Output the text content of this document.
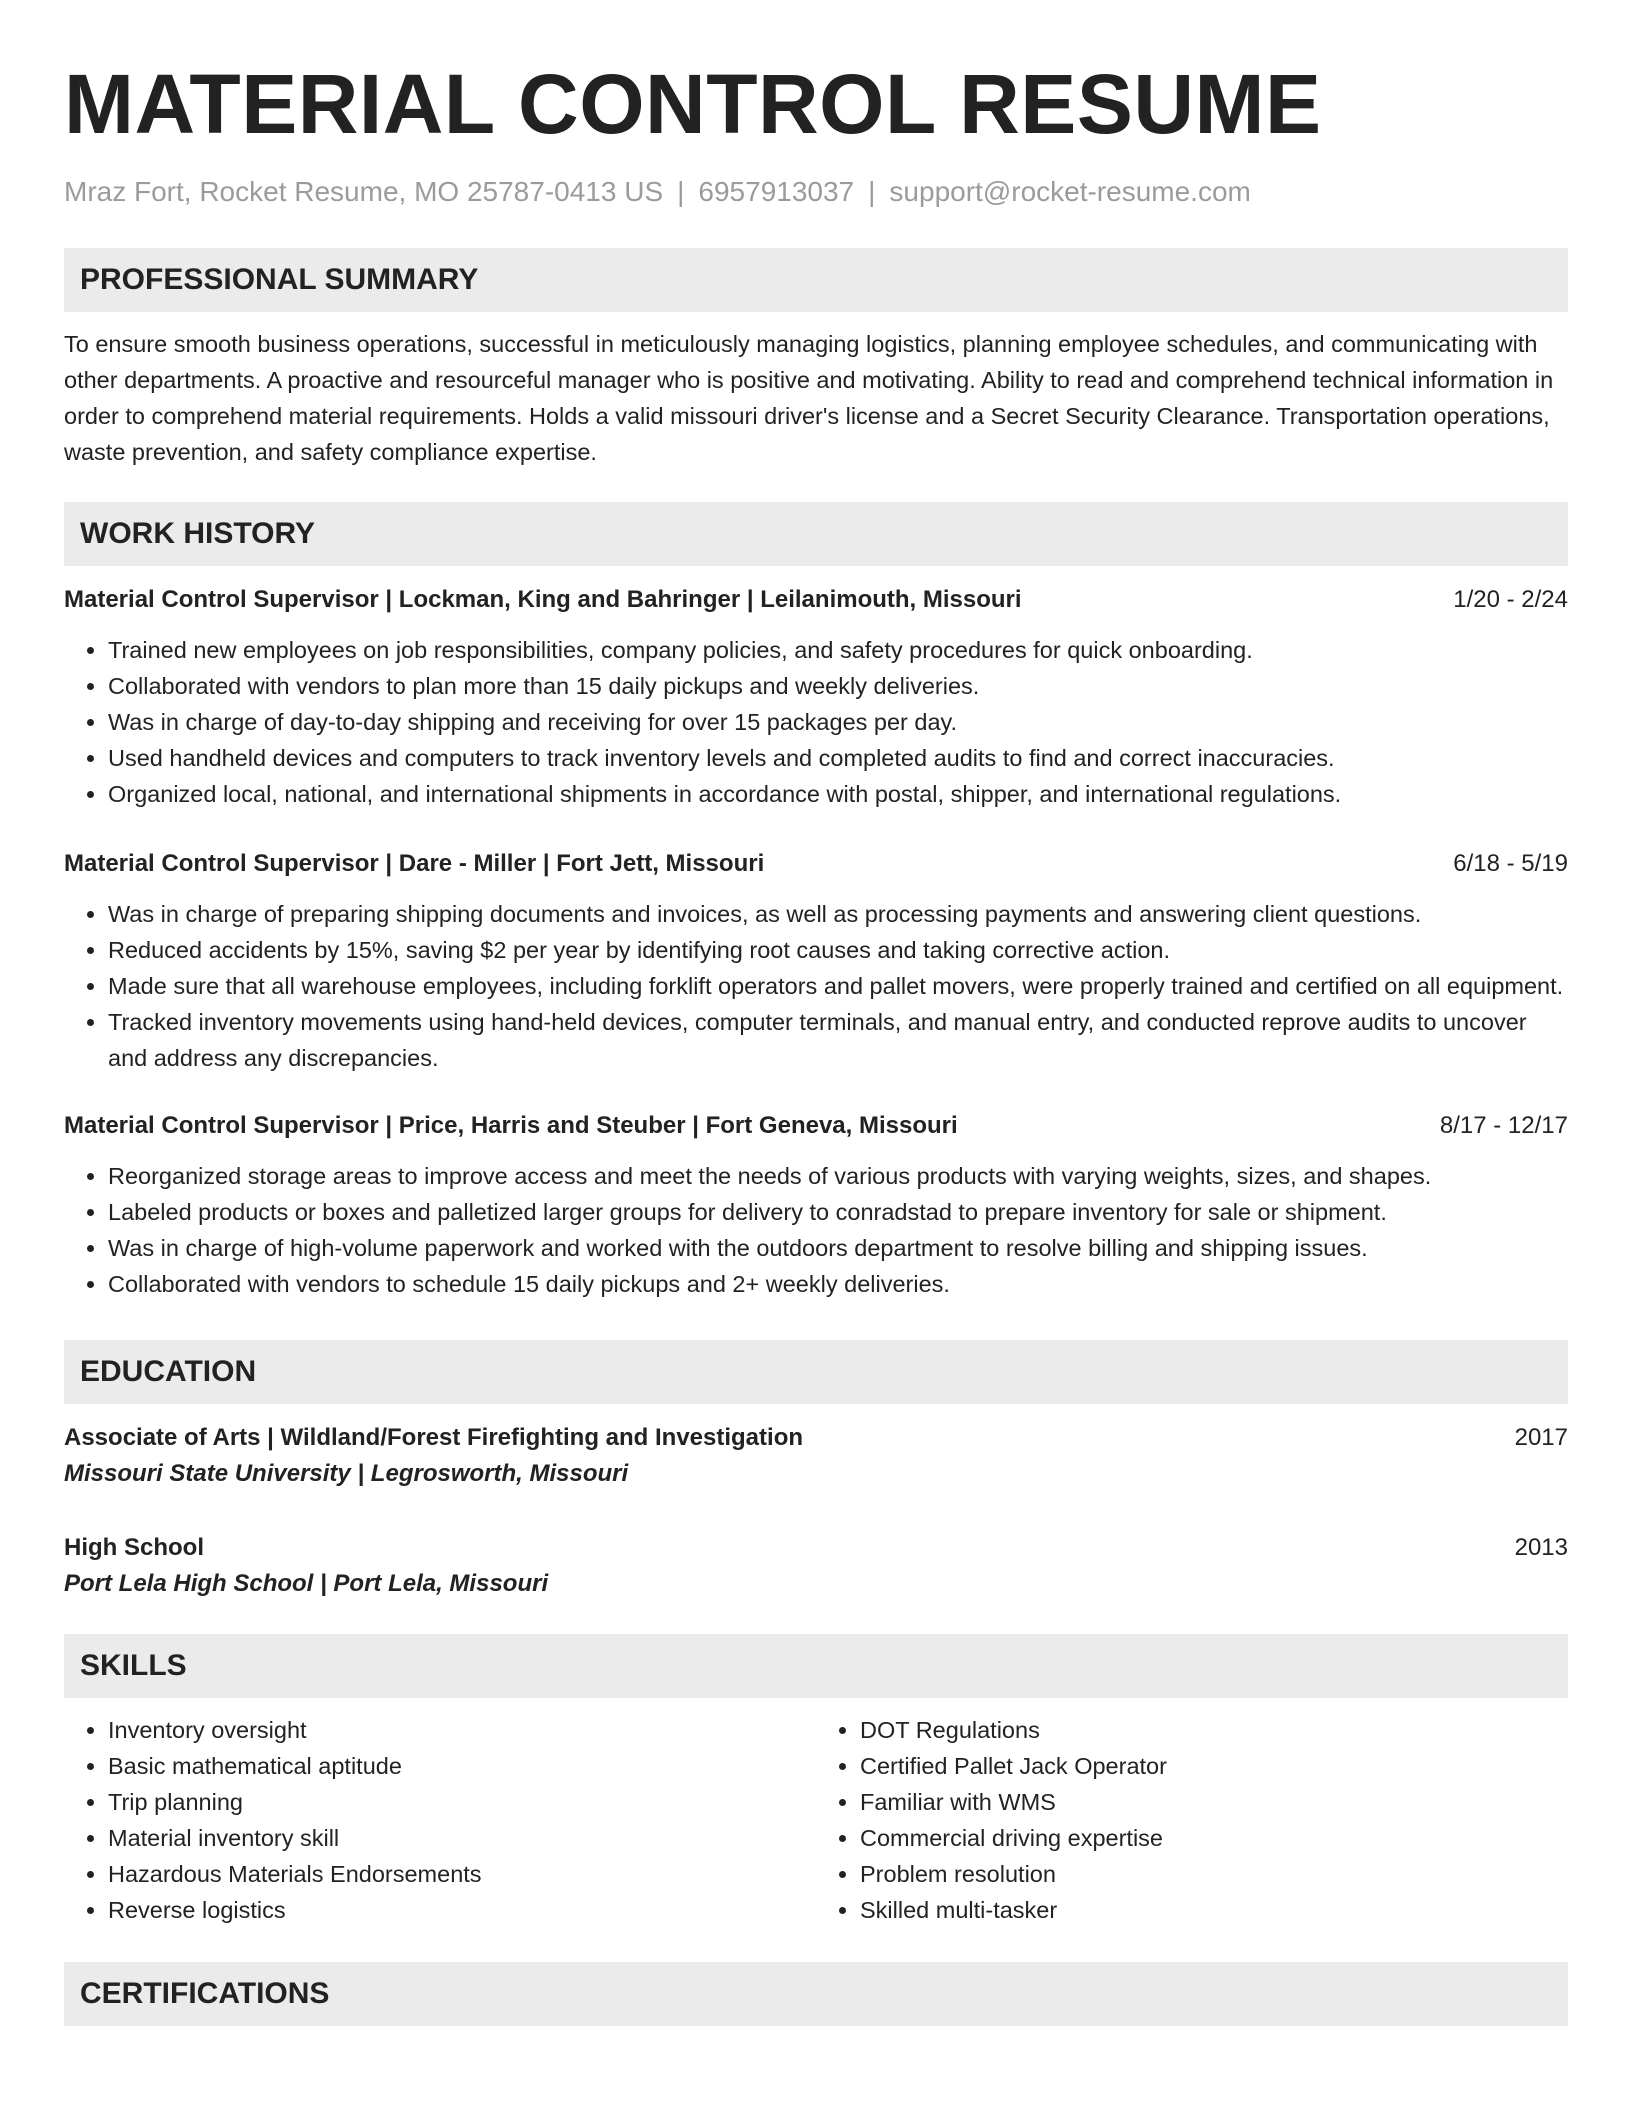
MATERIAL CONTROL RESUME
Mraz Fort, Rocket Resume, MO 25787-0413 US | 6957913037 | support@rocket-resume.com
PROFESSIONAL SUMMARY
To ensure smooth business operations, successful in meticulously managing logistics, planning employee schedules, and communicating with other departments. A proactive and resourceful manager who is positive and motivating. Ability to read and comprehend technical information in order to comprehend material requirements. Holds a valid missouri driver's license and a Secret Security Clearance. Transportation operations, waste prevention, and safety compliance expertise.
WORK HISTORY
Material Control Supervisor | Lockman, King and Bahringer | Leilanimouth, Missouri	1/20 - 2/24
• Trained new employees on job responsibilities, company policies, and safety procedures for quick onboarding.
• Collaborated with vendors to plan more than 15 daily pickups and weekly deliveries.
• Was in charge of day-to-day shipping and receiving for over 15 packages per day.
• Used handheld devices and computers to track inventory levels and completed audits to find and correct inaccuracies.
• Organized local, national, and international shipments in accordance with postal, shipper, and international regulations.
Material Control Supervisor | Dare - Miller | Fort Jett, Missouri	6/18 - 5/19
• Was in charge of preparing shipping documents and invoices, as well as processing payments and answering client questions.
• Reduced accidents by 15%, saving $2 per year by identifying root causes and taking corrective action.
• Made sure that all warehouse employees, including forklift operators and pallet movers, were properly trained and certified on all equipment.
• Tracked inventory movements using hand-held devices, computer terminals, and manual entry, and conducted reprove audits to uncover and address any discrepancies.
Material Control Supervisor | Price, Harris and Steuber | Fort Geneva, Missouri	8/17 - 12/17
• Reorganized storage areas to improve access and meet the needs of various products with varying weights, sizes, and shapes.
• Labeled products or boxes and palletized larger groups for delivery to conradstad to prepare inventory for sale or shipment.
• Was in charge of high-volume paperwork and worked with the outdoors department to resolve billing and shipping issues.
• Collaborated with vendors to schedule 15 daily pickups and 2+ weekly deliveries.
EDUCATION
Associate of Arts | Wildland/Forest Firefighting and Investigation	2017
Missouri State University | Legrosworth, Missouri
High School	2013
Port Lela High School | Port Lela, Missouri
SKILLS
• Inventory oversight
• Basic mathematical aptitude
• Trip planning
• Material inventory skill
• Hazardous Materials Endorsements
• Reverse logistics
• DOT Regulations
• Certified Pallet Jack Operator
• Familiar with WMS
• Commercial driving expertise
• Problem resolution
• Skilled multi-tasker
CERTIFICATIONS
